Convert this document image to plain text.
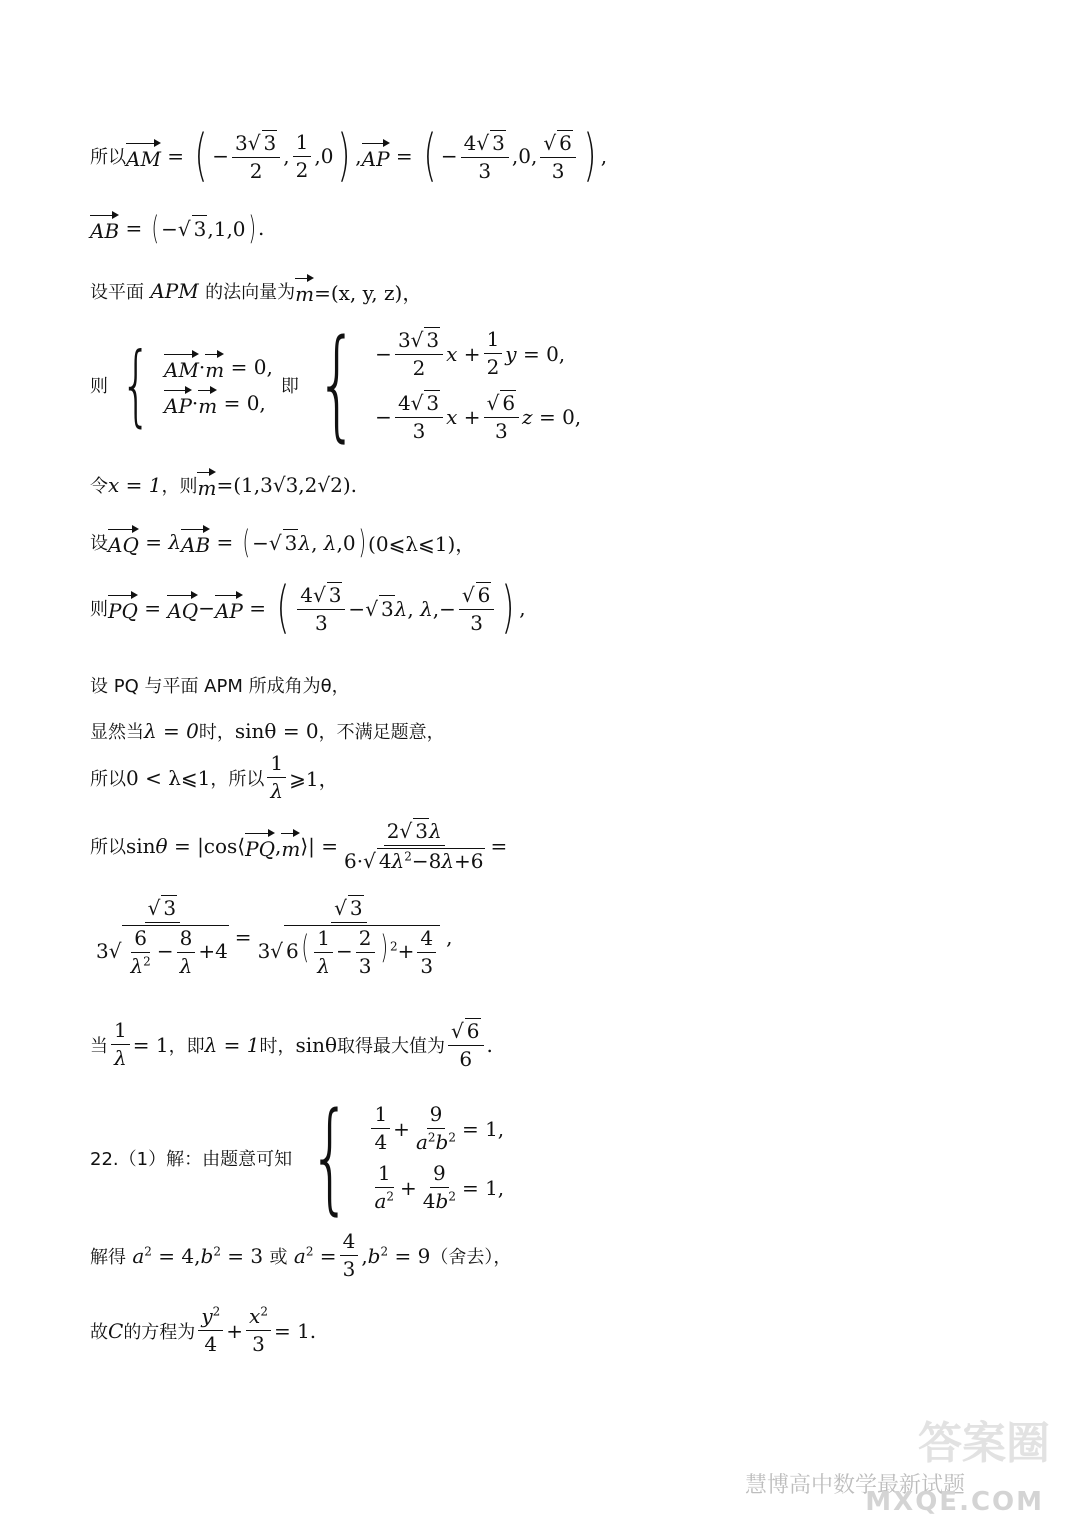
所以 AM = ( − $\frac{3√ 3}{2}$ , $\frac{1}{2} ,0$ ) , AP = ( − $\frac{4√ 3}{3} ,0$, $\frac{√ 6}{3}$ ) ,
AB = ( −√ 3,1,0 ) .
设平面
APM
的法向量为 m =(x, y, z)，
则 { AM · m = 0,
AP · m = 0,
即 { − $\frac{3√ 3}{2}$ $x + \frac{1}{2}$ y = 0,
− $\frac{4√ 3}{3}$ $x + \frac{√ 6}{3}$ z = 0,
令 x = 1 ，则 m =(1,3√3,2√2).
设 AQ = λ AB = ( −√ 3λ, λ,0 ) (0⩽λ⩽1)，
则 PQ = AQ − AP = ( $\frac{4√ 3}{3}$ −√ 3λ, $\lambda,- \frac{√ 6}{3}$ ) ,
设 PQ 与平面 APM 所成角为θ，
显然当 λ = 0 时， sinθ = 0 ，不满足题意，
所以 0 < λ⩽1 ，所以 $\frac{1}{\lambda}$ ⩾1，
所以 sinθ = |cos⟨ PQ , m ⟩| = $\frac{2√ 3\lambda}{6\cdot√ 4\lambda^2-8\lambda+6}$ =
$\frac{√ 3}{3√ \frac{6}{\lambda^2} - \frac{8}{\lambda} +4} = \frac{√ 3}{3√ 6( \frac{1}{\lambda} - \frac{2}{3} ) ^2+ \frac{4}{3}}$ ,
当 $\frac{1}{\lambda} = 1$ ，即 λ = 1 时， sinθ 取得最大值为 $\frac{√ 6}{6}$ .
22.（1）解：由题意可知 { $\frac{1}{4} + \frac{9}{a^2b^2} = 1$,
$\frac{1}{a^2} + \frac{9}{4b^2} = 1$,
解得 $a^2 = 4,b^2 = 3$ 或 $a^2 = \frac{4}{3} ,b^2 = 9$ （舍去），
故 C 的方程为 $\frac{y^2}{4} + \frac{x^2}{3} = 1$.
答案圈
慧博高中数学最新试题
MXQE.COM
